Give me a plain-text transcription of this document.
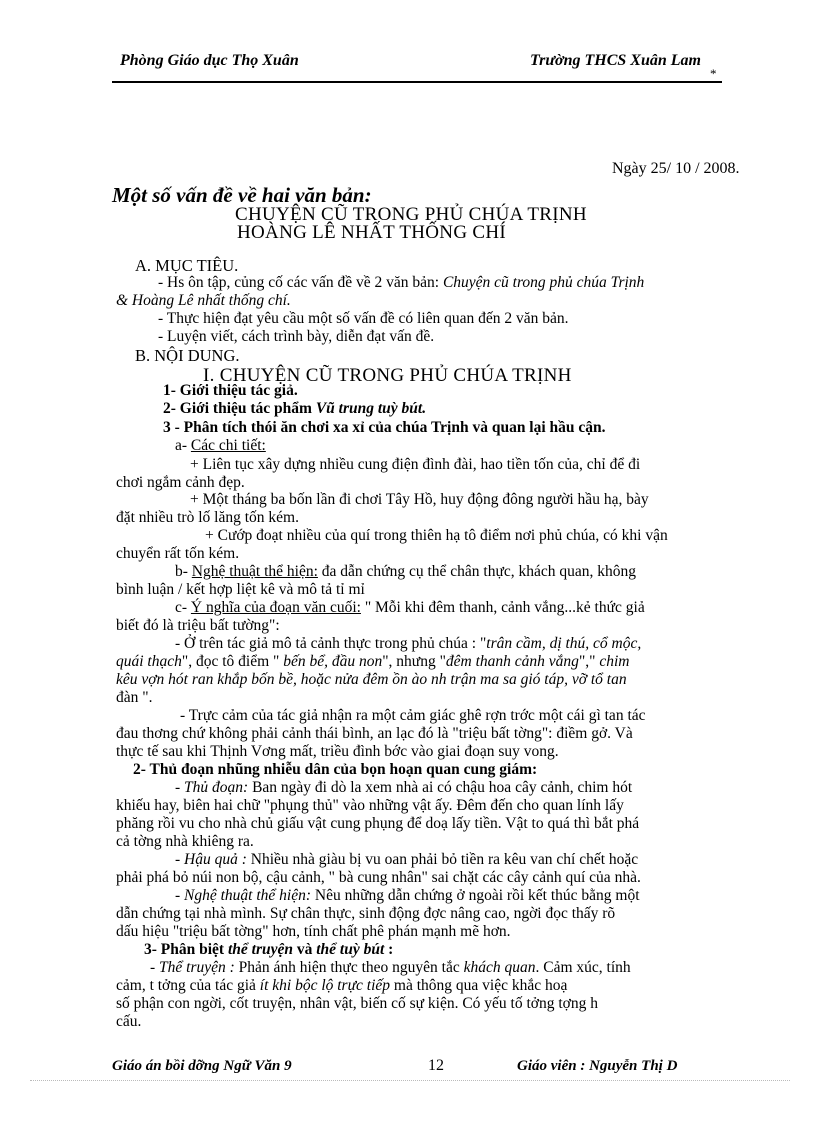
Phòng Giáo dục Thọ Xuân	Trường THCS Xuân Lam
*
Ngày 25/ 10 / 2008.
Một số vấn đề về hai văn bản:
CHUYỆN CŨ TRONG PHỦ CHÚA TRỊNH
HOÀNG LÊ NHẤT THỐNG CHÍ
A. MỤC TIÊU.
- Hs ôn tập, củng cố các vấn đề về 2 văn bản: Chuyện cũ trong phủ chúa Trịnh
& Hoàng Lê nhất thống chí.
- Thực hiện đạt yêu cầu một số vấn đề có liên quan đến 2 văn bản.
- Luyện viết, cách trình bày, diễn đạt vấn đề.
B. NỘI DUNG.
I. CHUYỆN CŨ TRONG PHỦ CHÚA TRỊNH
1- Giới thiệu tác giả.
2- Giới thiệu tác phẩm Vũ trung tuỳ bút.
3 - Phân tích thói ăn chơi xa xỉ của chúa Trịnh và quan lại hầu cận.
a- Các chi tiết:
+ Liên tục xây dựng nhiều cung điện đình đài, hao tiền tốn của, chỉ để đi
chơi ngắm cảnh đẹp.
+ Một tháng ba bốn lần đi chơi Tây Hồ, huy động đông người hầu hạ, bày
đặt nhiều trò lố lăng tốn kém.
+ Cướp đoạt nhiều của quí trong thiên hạ tô điểm nơi phủ chúa, có khi vận
chuyển rất tốn kém.
b- Nghệ thuật thể hiện: đa dẫn chứng cụ thể chân thực, khách quan, không
bình luận / kết hợp liệt kê và mô tả tỉ mỉ
c- Ý nghĩa của đoạn văn cuối: " Mỗi khi đêm thanh, cảnh vắng...kẻ thức giả
biết đó là triệu bất tường":
- Ở trên tác giả mô tả cảnh thực trong phủ chúa : "trân cầm, dị thú, cổ mộc,
quái thạch", đọc tô điểm " bến bể, đầu non", nhưng "đêm thanh cảnh vắng"," chim
kêu vợn hót ran khắp bốn bề, hoặc nửa đêm ồn ào nh trận ma sa gió táp, vỡ tổ tan
đàn ".
- Trực cảm của tác giả nhận ra một cảm giác ghê rợn trớc một cái gì tan tác
đau thơng chứ không phải cảnh thái bình, an lạc đó là "triệu bất tờng": điềm gở. Và
thực tế sau khi Thịnh Vơng mất, triều đình bớc vào giai đoạn suy vong.
2- Thủ đoạn nhũng nhiễu dân của bọn hoạn quan cung giám:
- Thủ đoạn: Ban ngày đi dò la xem nhà ai có chậu hoa cây cảnh, chim hót
khiếu hay, biên hai chữ "phụng thủ" vào những vật ấy. Đêm đến cho quan lính lấy
phăng rồi vu cho nhà chủ giấu vật cung phụng để doạ lấy tiền. Vật to quá thì bắt phá
cả tờng nhà khiêng ra.
- Hậu quả : Nhiều nhà giàu bị vu oan phải bỏ tiền ra kêu van chí chết hoặc
phải phá bỏ núi non bộ, cậu cảnh, " bà cung nhân" sai chặt các cây cảnh quí của nhà.
- Nghệ thuật thể hiện: Nêu những dẫn chứng ở ngoài rồi kết thúc bằng một
dẫn chứng tại nhà mình. Sự chân thực, sinh động đợc nâng cao, ngời đọc thấy rõ
dấu hiệu "triệu bất tờng" hơn, tính chất phê phán mạnh mẽ hơn.
3- Phân biệt thể truyện và thể tuỳ bút :
- Thể truyện : Phản ánh hiện thực theo nguyên tắc khách quan. Cảm xúc, tính
cảm, t tởng của tác giả ít khi bộc lộ trực tiếp mà thông qua việc khắc hoạ
số phận con ngời, cốt truyện, nhân vật, biến cố sự kiện. Có yếu tố tởng tợng h
cấu.
Giáo án bồi dỡng Ngữ Văn 9	12	Giáo viên : Nguyễn Thị D
